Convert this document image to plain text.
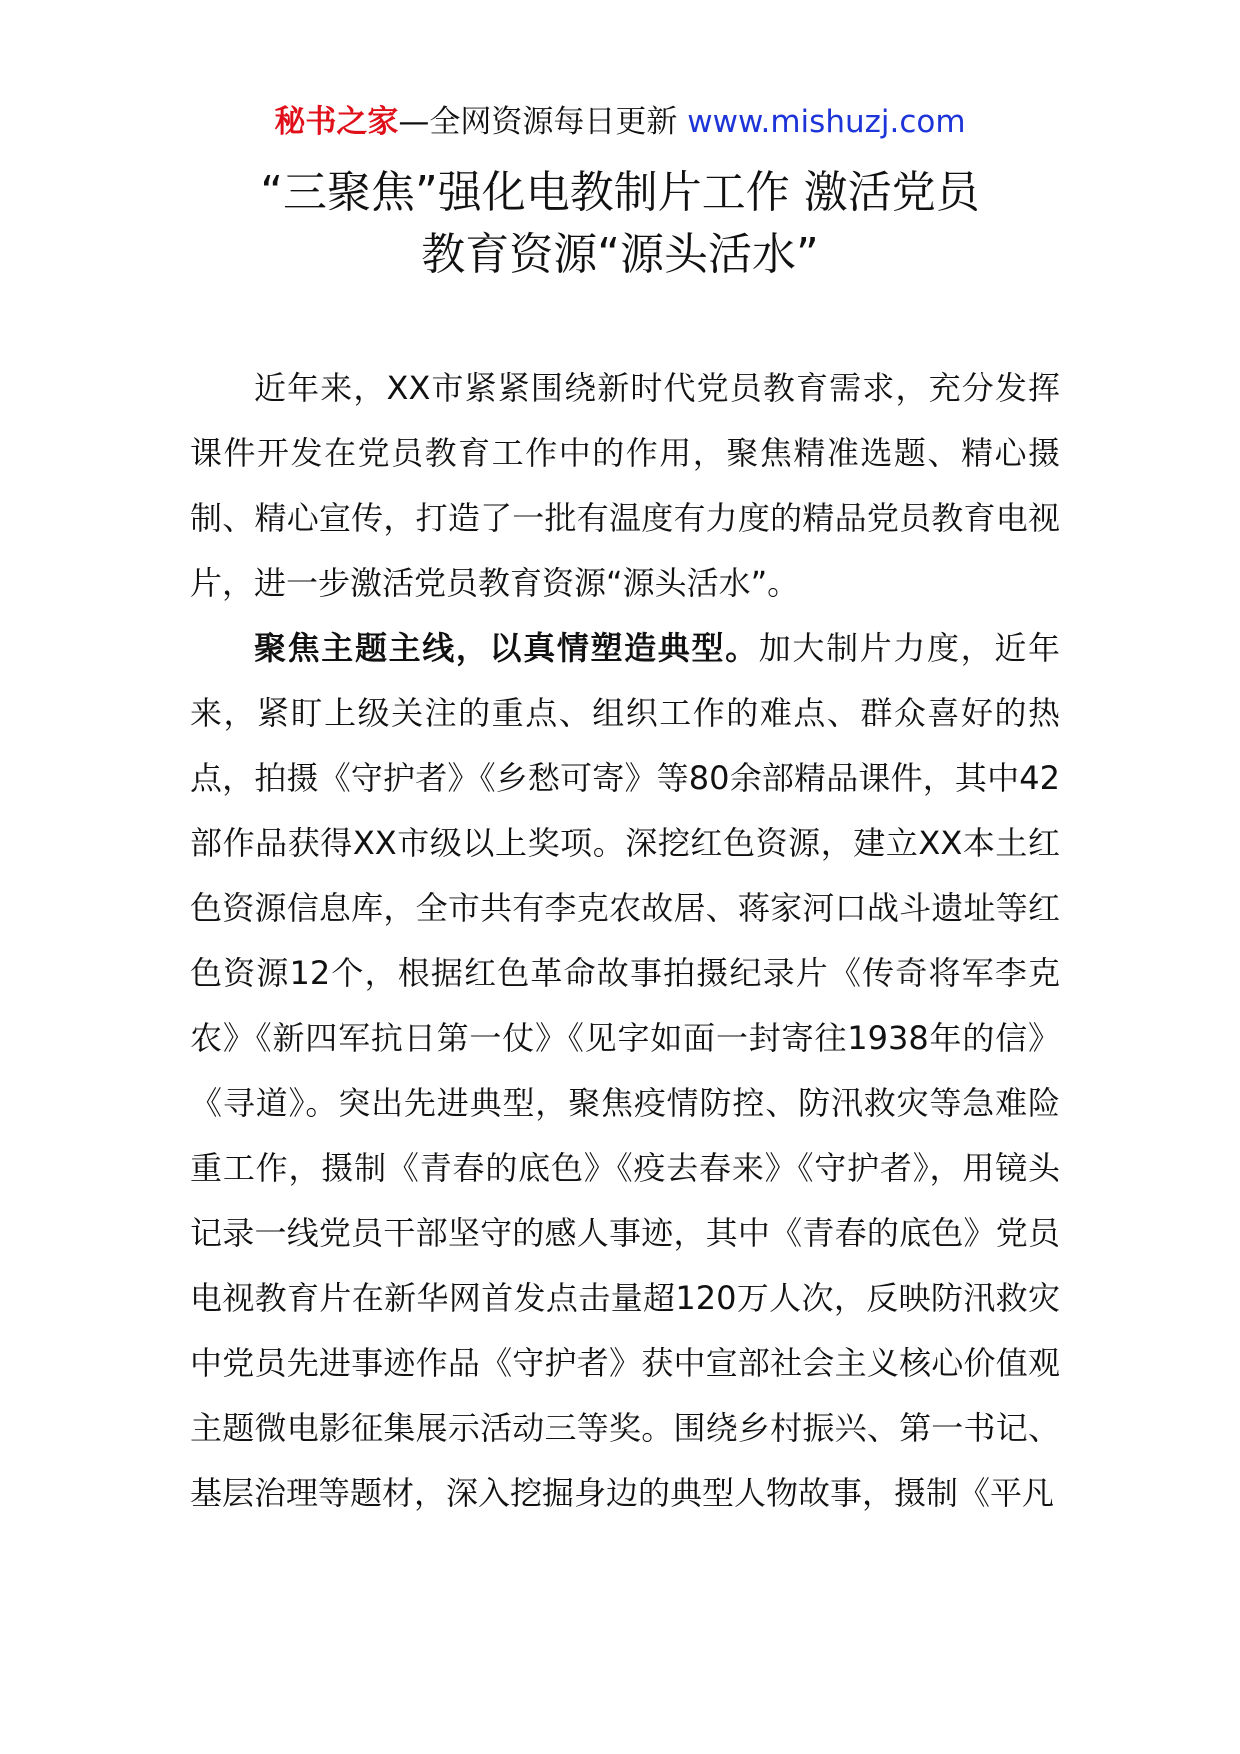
秘书之家—全网资源每日更新 www.mishuzj.com
“三聚焦”强化电教制片工作 激活党员
教育资源“源头活水”

近年来，XX市紧紧围绕新时代党员教育需求，充分发挥课件开发在党员教育工作中的作用，聚焦精准选题、精心摄制、精心宣传，打造了一批有温度有力度的精品党员教育电视片，进一步激活党员教育资源“源头活水”。

聚焦主题主线，以真情塑造典型。加大制片力度，近年来，紧盯上级关注的重点、组织工作的难点、群众喜好的热点，拍摄《守护者》《乡愁可寄》等80余部精品课件，其中42部作品获得XX市级以上奖项。深挖红色资源，建立XX本土红色资源信息库，全市共有李克农故居、蒋家河口战斗遗址等红色资源12个，根据红色革命故事拍摄纪录片《传奇将军李克农》《新四军抗日第一仗》《见字如面一封寄往1938年的信》《寻道》。突出先进典型，聚焦疫情防控、防汛救灾等急难险重工作，摄制《青春的底色》《疫去春来》《守护者》，用镜头记录一线党员干部坚守的感人事迹，其中《青春的底色》党员电视教育片在新华网首发点击量超120万人次，反映防汛救灾中党员先进事迹作品《守护者》获中宣部社会主义核心价值观主题微电影征集展示活动三等奖。围绕乡村振兴、第一书记、基层治理等题材，深入挖掘身边的典型人物故事，摄制《平凡
